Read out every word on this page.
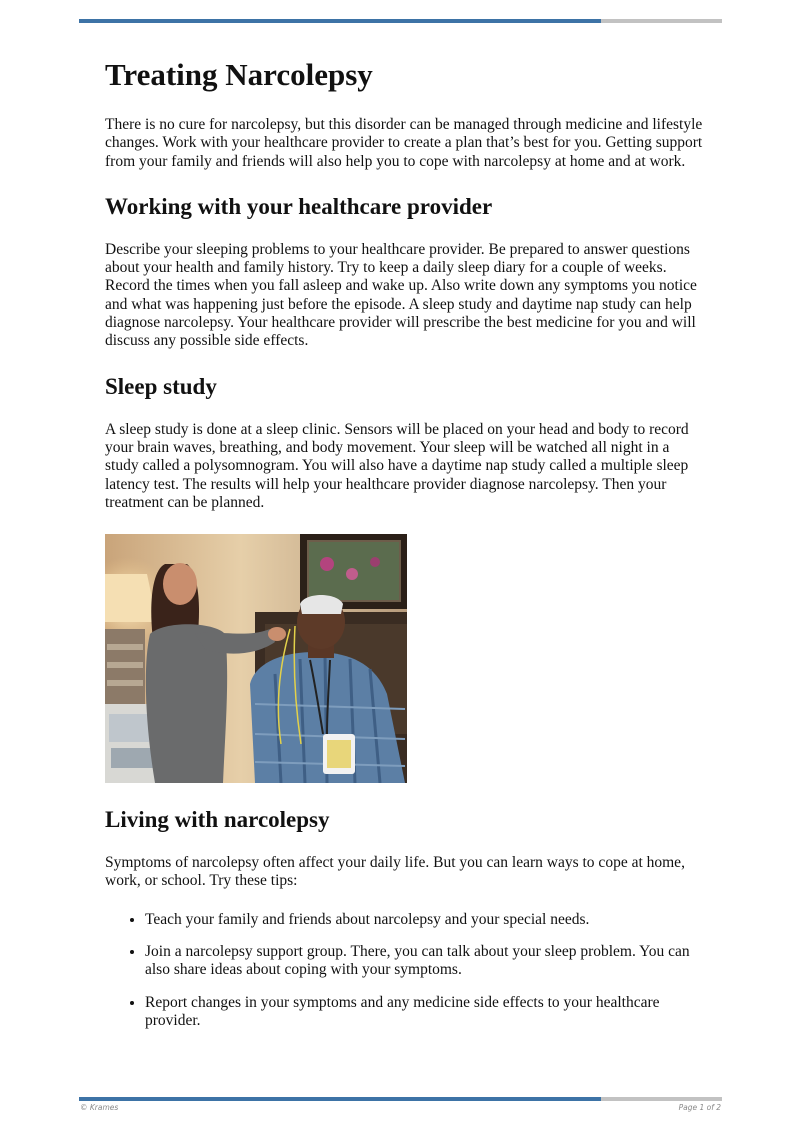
Treating Narcolepsy

There is no cure for narcolepsy, but this disorder can be managed through medicine and lifestyle changes. Work with your healthcare provider to create a plan that’s best for you. Getting support from your family and friends will also help you to cope with narcolepsy at home and at work.

Working with your healthcare provider

Describe your sleeping problems to your healthcare provider. Be prepared to answer questions about your health and family history. Try to keep a daily sleep diary for a couple of weeks. Record the times when you fall asleep and wake up. Also write down any symptoms you notice and what was happening just before the episode. A sleep study and daytime nap study can help diagnose narcolepsy. Your healthcare provider will prescribe the best medicine for you and will discuss any possible side effects.

Sleep study

A sleep study is done at a sleep clinic. Sensors will be placed on your head and body to record your brain waves, breathing, and body movement. Your sleep will be watched all night in a study called a polysomnogram. You will also have a daytime nap study called a multiple sleep latency test. The results will help your healthcare provider diagnose narcolepsy. Then your treatment can be planned.

Living with narcolepsy

Symptoms of narcolepsy often affect your daily life. But you can learn ways to cope at home, work, or school. Try these tips:

• Teach your family and friends about narcolepsy and your special needs.
• Join a narcolepsy support group. There, you can talk about your sleep problem. You can also share ideas about coping with your symptoms.
• Report changes in your symptoms and any medicine side effects to your healthcare provider.
© Krames	Page 1 of 2
